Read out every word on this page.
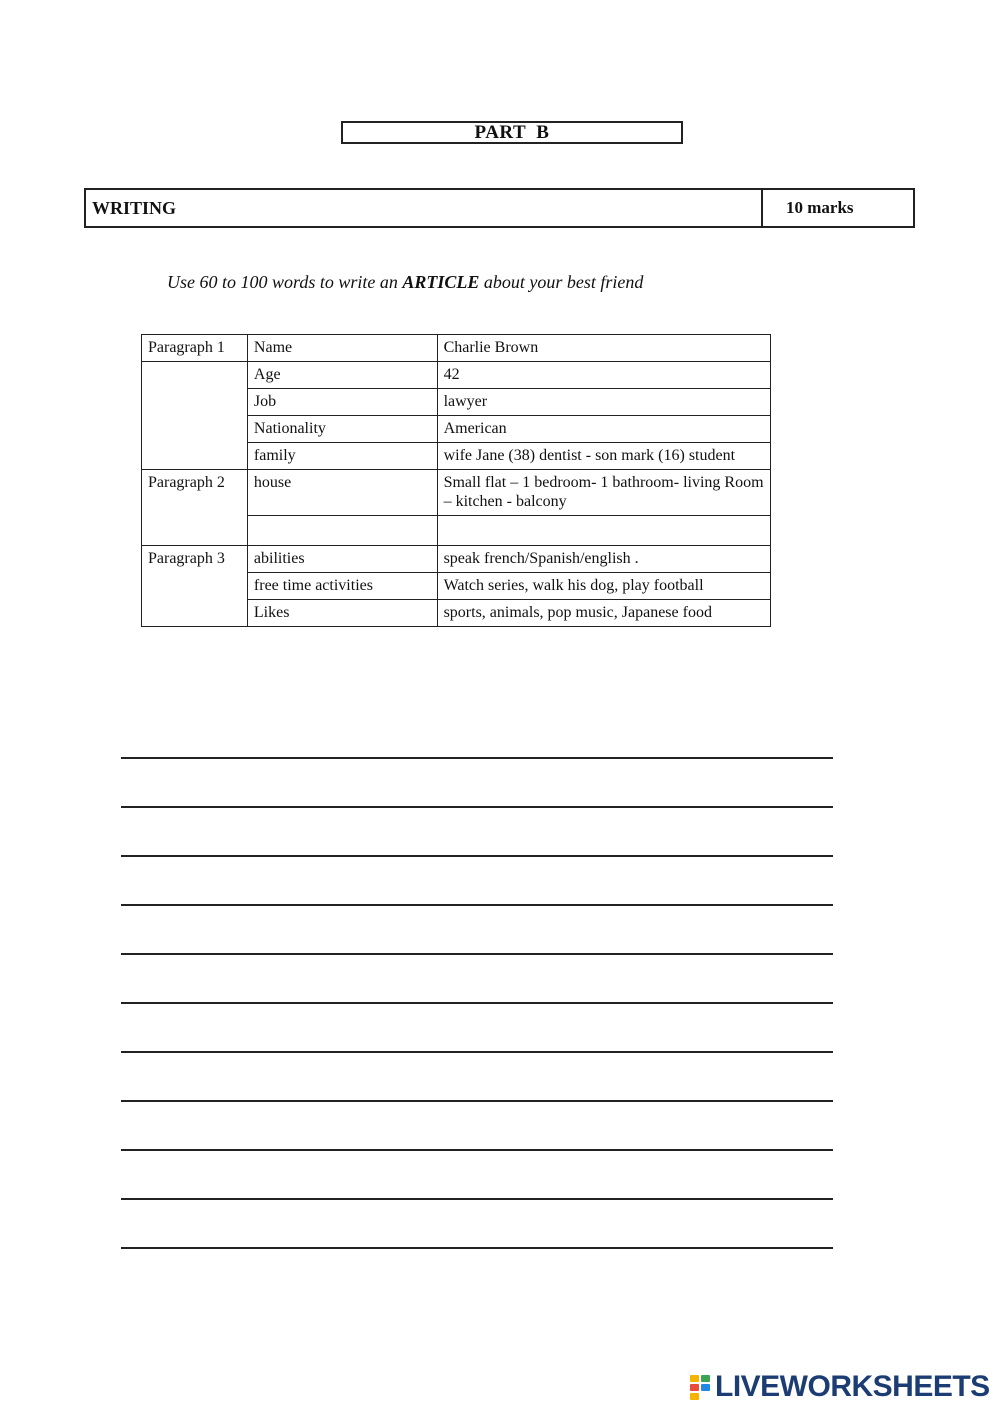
PART  B
WRITING	10 marks
Use 60 to 100 words to write an ARTICLE about your best friend
Paragraph 1	Name	Charlie Brown
	Age	42
	Job	lawyer
	Nationality	American
	family	wife Jane (38) dentist - son mark (16) student
Paragraph 2	house	Small flat – 1 bedroom- 1 bathroom- living Room – kitchen - balcony

Paragraph 3	abilities	speak french/Spanish/english .
	free time activities	Watch series, walk his dog, play football
	Likes	sports, animals, pop music, Japanese food
LIVEWORKSHEETS
